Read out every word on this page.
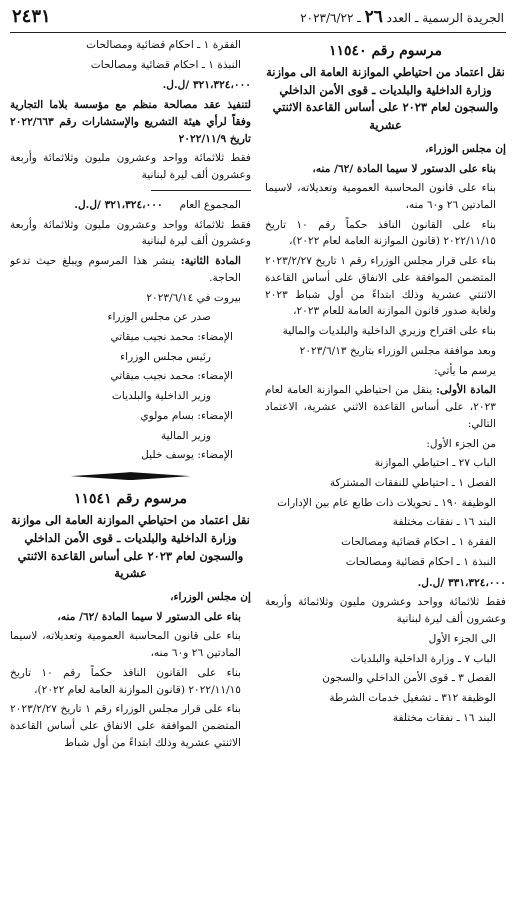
الجريدة الرسمية ـ العدد ٢٦ ـ ٢٠٢٣/٦/٢٢
٢٤٣١
مرسوم رقم ١١٥٤٠
نقل اعتماد من احتياطي الموازنة العامة الى موازنة وزارة الداخلية والبلديات ـ قوى الأمن الداخلي والسجون لعام ٢٠٢٣ على أساس القاعدة الاثنتي عشرية

إن مجلس الوزراء،

بناء على الدستور لا سيما المادة /٦٢/ منه،

بناء على قانون المحاسبة العمومية وتعديلاته، لاسيما المادتين ٢٦ و٦٠ منه،

بناء على القانون النافذ حكماً رقم ١٠ تاريخ ٢٠٢٢/١١/١٥ (قانون الموازنة العامة لعام ٢٠٢٢)،

بناء على قرار مجلس الوزراء رقم ١ تاريخ ٢٠٢٣/٢/٢٧ المتضمن الموافقة على الانفاق على أساس القاعدة الاثنتي عشرية وذلك ابتداءً من أول شباط ٢٠٢٣ ولغاية صدور قانون الموازنة العامة للعام ٢٠٢٣،

بناء على اقتراح وزيري الداخلية والبلديات والمالية

وبعد موافقة مجلس الوزراء بتاريخ ٢٠٢٣/٦/١٣

يرسم ما يأتي:

المادة الأولى: ينقل من احتياطي الموازنة العامة لعام ٢٠٢٣، على أساس القاعدة الاثني عشرية، الاعتماد التالي:

من الجزء الأول:
الباب ٢٧ ـ احتياطي الموازنة
الفصل ١ ـ احتياطي للنفقات المشتركة
الوظيفة ١٩٠ ـ تحويلات ذات طابع عام بين الإدارات
البند ١٦ ـ نفقات مختلفة
الفقرة ١ ـ احكام قضائية ومصالحات
النبذة ١ ـ احكام قضائية ومصالحات
٣٣١،٣٢٤،٠٠٠ /ل.ل.

فقط ثلاثمائة وواحد وعشرون مليون وثلاثمائة وأربعة وعشرون ألف ليرة لبنانية

الى الجزء الأول
الباب ٧ ـ وزارة الداخلية والبلديات
الفصل ٣ ـ قوى الأمن الداخلي والسجون
الوظيفة ٣١٢ ـ تشغيل خدمات الشرطة
البند ١٦ ـ نفقات مختلفة
الفقرة ١ ـ احكام قضائية ومصالحات
النبذة ١ ـ احكام قضائية ومصالحات
٣٢١،٣٢٤،٠٠٠ /ل.ل.

لتنفيذ عقد مصالحة منظم مع مؤسسة بلاما التجارية وفقاً لرأي هيئة التشريع والإستشارات رقم ٢٠٢٢/٦٦٣ تاريخ ٢٠٢٢/١١/٩

فقط ثلاثمائة وواحد وعشرون مليون وثلاثمائة وأربعة وعشرون ألف ليرة لبنانية

المجموع العام     ٣٢١،٣٢٤،٠٠٠ /ل.ل.

فقط ثلاثمائة وواحد وعشرون مليون وثلاثمائة وأربعة وعشرون ألف ليرة لبنانية

المادة الثانية: ينشر هذا المرسوم ويبلغ حيث تدعو الحاجة.

بيروت في ٢٠٢٣/٦/١٤

صدر عن مجلس الوزراء

الإمضاء: محمد نجيب ميقاتي

رئيس مجلس الوزراء

الإمضاء: محمد نجيب ميقاتي

وزير الداخلية والبلديات

الإمضاء: بسام مولوي

وزير المالية

الإمضاء: يوسف خليل

مرسوم رقم ١١٥٤١
نقل اعتماد من احتياطي الموازنة العامة الى موازنة وزارة الداخلية والبلديات ـ قوى الأمن الداخلي والسجون لعام ٢٠٢٣ على أساس القاعدة الاثنتي عشرية

إن مجلس الوزراء،

بناء على الدستور لا سيما المادة /٦٢/ منه،

بناء على قانون المحاسبة العمومية وتعديلاته، لاسيما المادتين ٢٦ و٦٠ منه،

بناء على القانون النافذ حكماً رقم ١٠ تاريخ ٢٠٢٢/١١/١٥ (قانون الموازنة العامة لعام ٢٠٢٢)،

بناء على قرار مجلس الوزراء رقم ١ تاريخ ٢٠٢٣/٢/٢٧ المتضمن الموافقة على الانفاق على أساس القاعدة الاثنتي عشرية وذلك ابتداءً من أول شباط
